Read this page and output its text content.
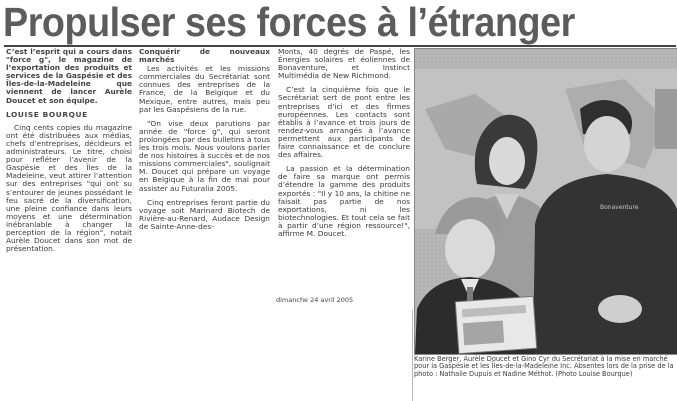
Propulser ses forces à l’étranger

C’est l’esprit qui a cours dans "force g", le magazine de l’exportation des produits et services de la Gaspésie et des Îles-de-la-Madeleine que viennent de lancer Aurèle Doucet et son équipe.

LOUISE BOURQUE

Cinq cents copies du magazine ont été distribuées aux médias, chefs d’entreprises, décideurs et administrateurs. Le titre, choisi pour refléter l’avenir de la Gaspésie et des Îles de la Madeleine, veut attirer l’attention sur des entreprises "qui ont su s’entourer de jeunes possédant le feu sacré de la diversification, une pleine confiance dans leurs moyens et une détermination inébranlable à changer la perception de la région", notait Aurèle Doucet dans son mot de présentation.

Conquérir de nouveaux marchés

Les activités et les missions commerciales du Secrétariat sont connues des entreprises de la France, de la Belgique et du Mexique, entre autres, mais peu par les Gaspésiens de la rue.

"On vise deux parutions par année de "force g", qui seront prolongées par des bulletins à tous les trois mois. Nous voulons parler de nos histoires à succès et de nos missions commerciales", soulignait M. Doucet qui prépare un voyage en Belgique à la fin de mai pour assister au Futuralia 2005.

Cinq entreprises feront partie du voyage soit Marinard Biotech de Rivière-au-Renard, Audace Design de Sainte-Anne-des-

Monts, 40 degrés de Paspé, les Énergies solaires et éoliennes de Bonaventure, et Instinct Multimédia de New Richmond.

C’est la cinquième fois que le Secrétariat sert de pont entre les entreprises d’ici et des firmes européennes. Les contacts sont établis à l’avance et trois jours de rendez-vous arrangés à l’avance permettent aux participants de faire connaissance et de conclure des affaires.

La passion et la détermination de faire sa marque ont permis d’étendre la gamme des produits exportés : "Il y 10 ans, la chitine ne faisait pas partie de nos exportations, ni les biotechnologies. Et tout cela se fait à partir d’une région ressource!", affirme M. Doucet.

dimanche 24 avril 2005
Bonaventure
Karine Berger, Aurèle Doucet et Gino Cyr du Secrétariat à la mise en marché pour la Gaspésie et les Îles-de-la-Madeleine Inc. Absentes lors de la prise de la photo : Nathalie Dupuis et Nadine Méthot. (Photo Louise Bourque)
